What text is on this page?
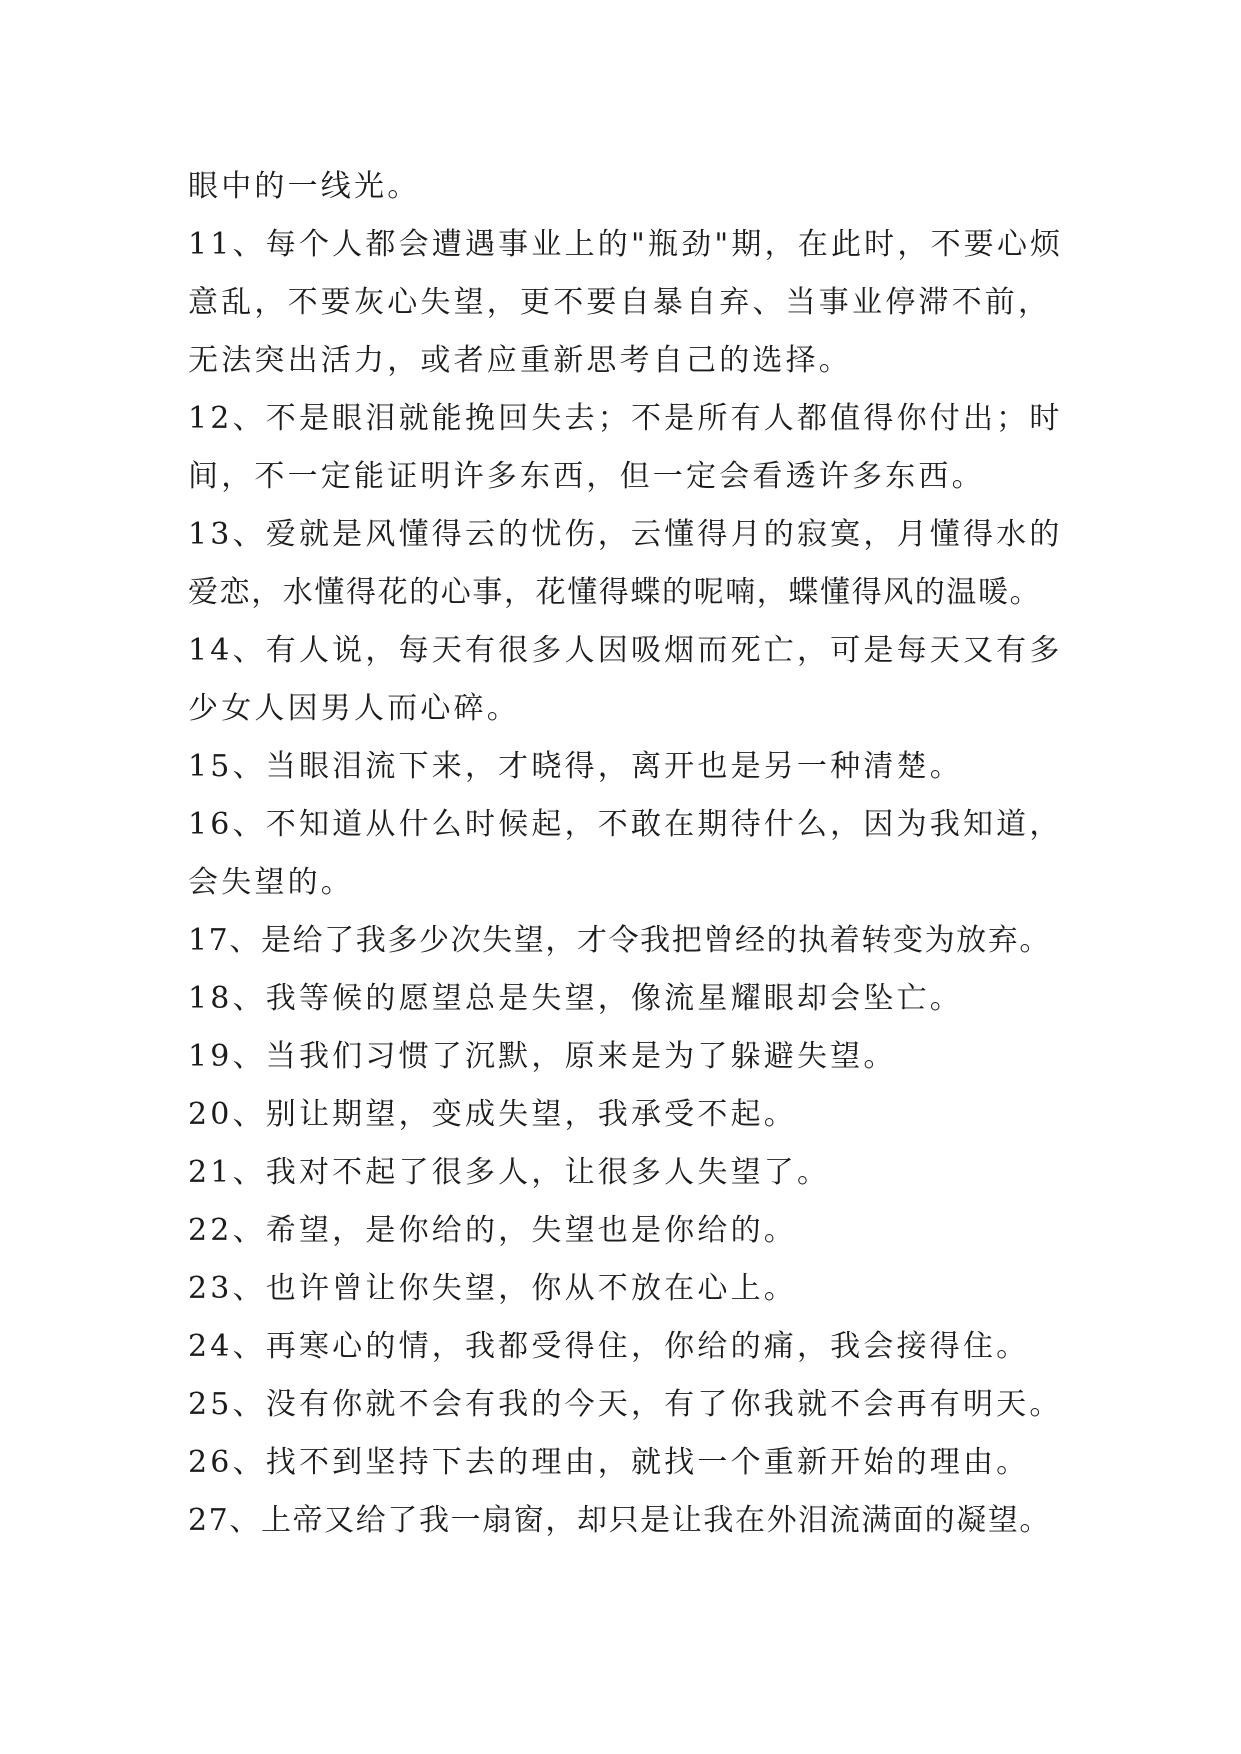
眼中的一线光。
11、每个人都会遭遇事业上的"瓶劲"期，在此时，不要心烦
意乱，不要灰心失望，更不要自暴自弃、当事业停滞不前，
无法突出活力，或者应重新思考自己的选择。
12、不是眼泪就能挽回失去；不是所有人都值得你付出；时
间，不一定能证明许多东西，但一定会看透许多东西。
13、爱就是风懂得云的忧伤，云懂得月的寂寞，月懂得水的
爱恋，水懂得花的心事，花懂得蝶的呢喃，蝶懂得风的温暖。
14、有人说，每天有很多人因吸烟而死亡，可是每天又有多
少女人因男人而心碎。
15、当眼泪流下来，才晓得，离开也是另一种清楚。
16、不知道从什么时候起，不敢在期待什么，因为我知道，
会失望的。
17、是给了我多少次失望，才令我把曾经的执着转变为放弃。
18、我等候的愿望总是失望，像流星耀眼却会坠亡。
19、当我们习惯了沉默，原来是为了躲避失望。
20、别让期望，变成失望，我承受不起。
21、我对不起了很多人，让很多人失望了。
22、希望，是你给的，失望也是你给的。
23、也许曾让你失望，你从不放在心上。
24、再寒心的情，我都受得住，你给的痛，我会接得住。
25、没有你就不会有我的今天，有了你我就不会再有明天。
26、找不到坚持下去的理由，就找一个重新开始的理由。
27、上帝又给了我一扇窗，却只是让我在外泪流满面的凝望。
